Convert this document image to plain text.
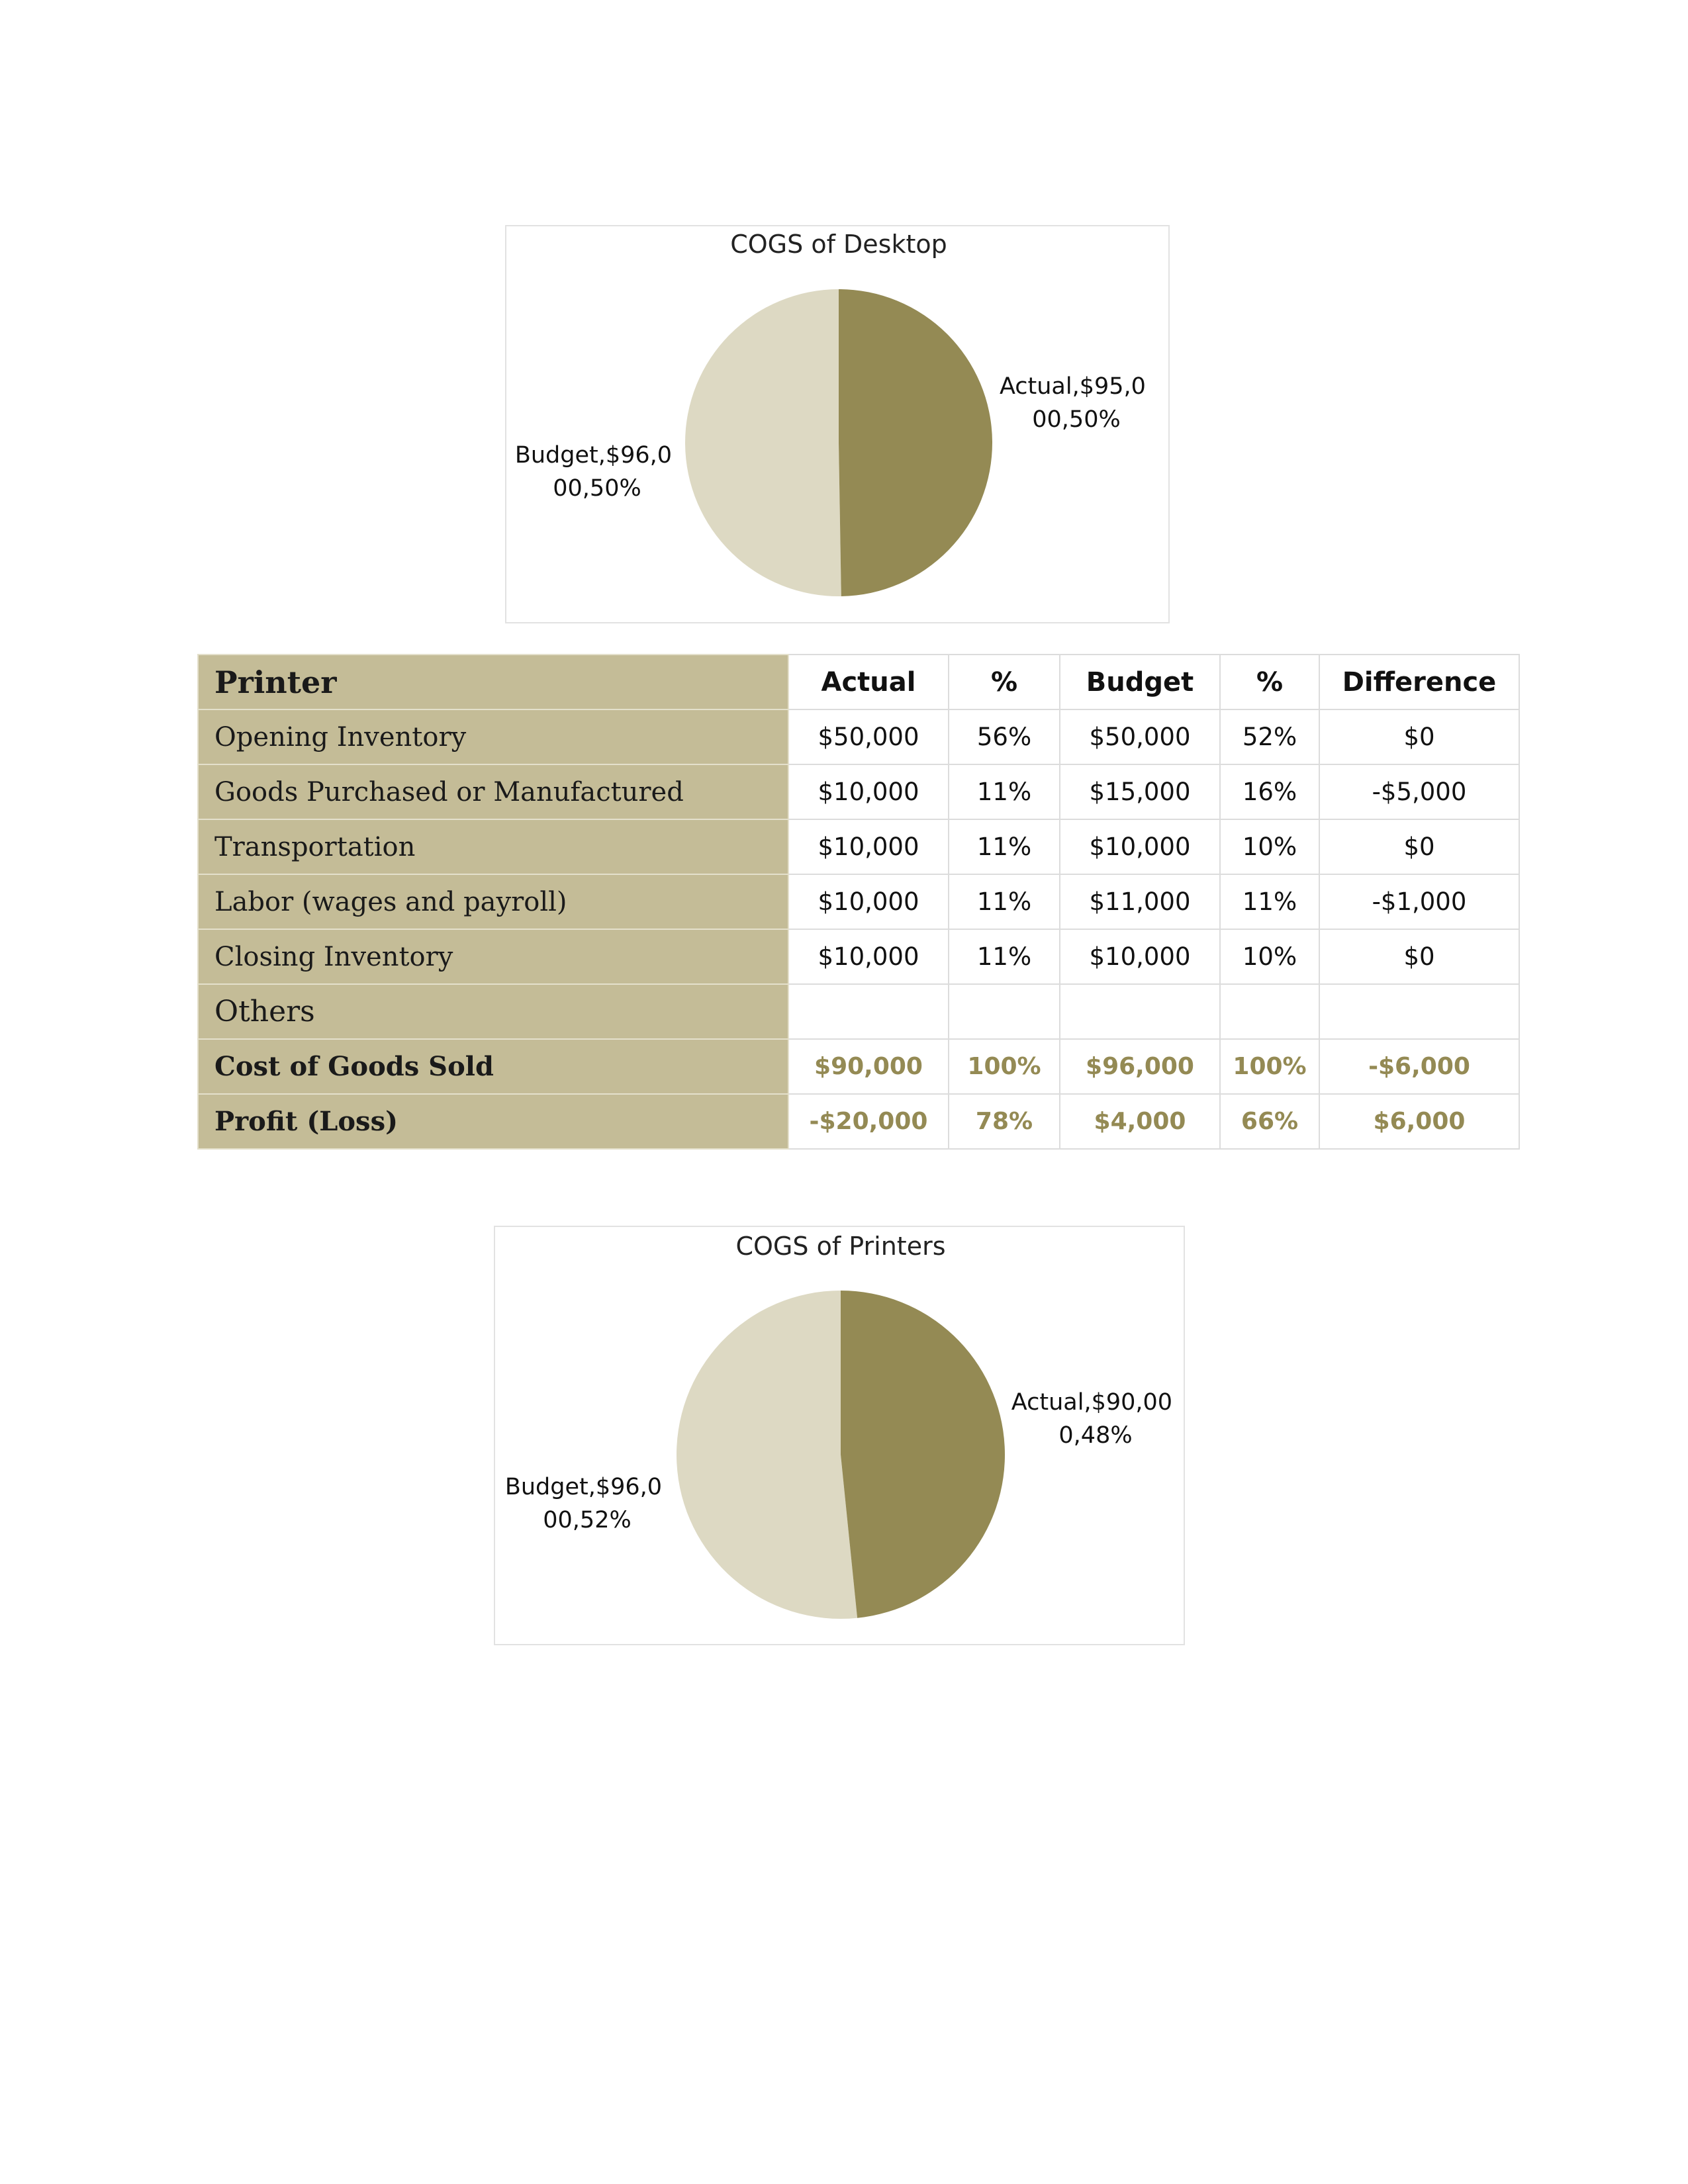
COGS of Desktop
Actual,$95,0 00,50%
Budget,$96,0 00,50%
Printer	Actual	%	Budget	%	Difference
Opening Inventory	$50,000	56%	$50,000	52%	$0
Goods Purchased or Manufactured	$10,000	11%	$15,000	16%	-$5,000
Transportation	$10,000	11%	$10,000	10%	$0
Labor (wages and payroll)	$10,000	11%	$11,000	11%	-$1,000
Closing Inventory	$10,000	11%	$10,000	10%	$0
Others					
Cost of Goods Sold	$90,000	100%	$96,000	100%	-$6,000
Profit (Loss)	-$20,000	78%	$4,000	66%	$6,000
COGS of Printers
Actual,$90,00 0,48%
Budget,$96,0 00,52%
